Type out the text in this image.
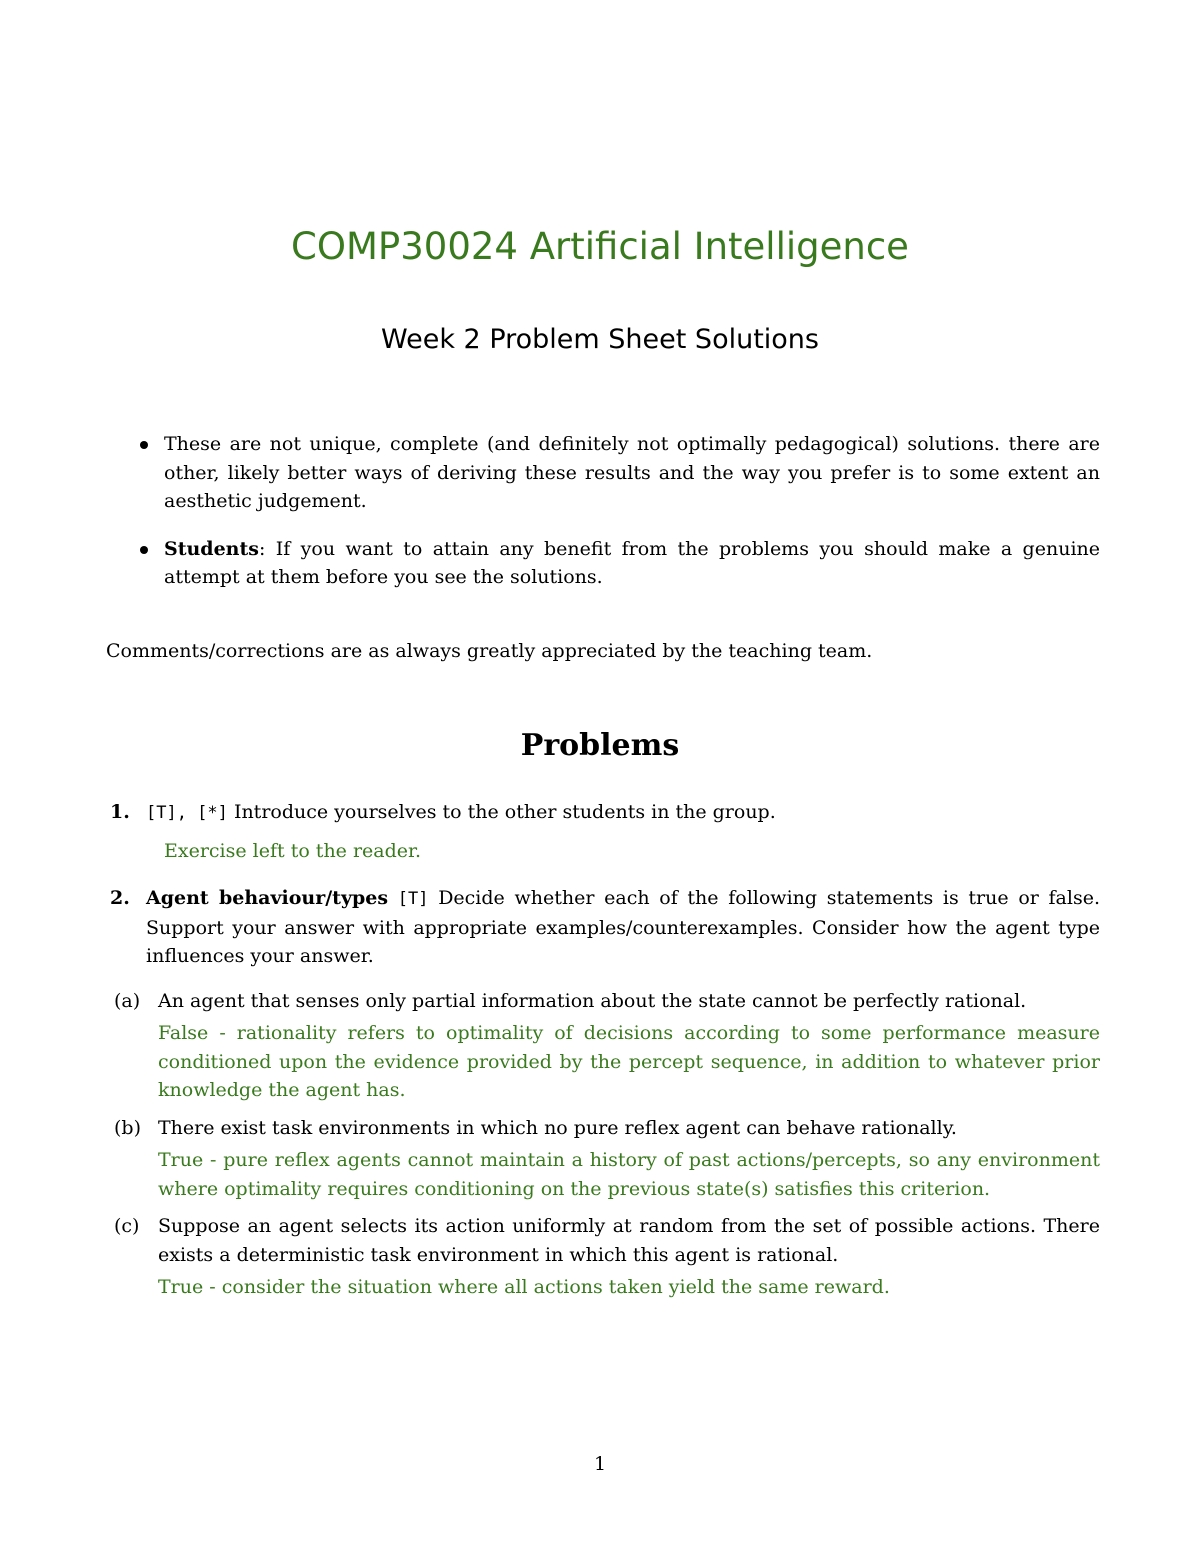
COMP30024 Artificial Intelligence
Week 2 Problem Sheet Solutions
These are not unique, complete (and definitely not optimally pedagogical) solutions. there are other, likely better ways of deriving these results and the way you prefer is to some extent an aesthetic judgement.
Students: If you want to attain any benefit from the problems you should make a genuine attempt at them before you see the solutions.
Comments/corrections are as always greatly appreciated by the teaching team.
Problems
1. [T], [*] Introduce yourselves to the other students in the group.
Exercise left to the reader.
2. Agent behaviour/types [T] Decide whether each of the following statements is true or false. Support your answer with appropriate examples/counterexamples. Consider how the agent type influences your answer.
(a) An agent that senses only partial information about the state cannot be perfectly rational.
False - rationality refers to optimality of decisions according to some performance measure conditioned upon the evidence provided by the percept sequence, in addition to whatever prior knowledge the agent has.
(b) There exist task environments in which no pure reflex agent can behave rationally.
True - pure reflex agents cannot maintain a history of past actions/percepts, so any environment where optimality requires conditioning on the previous state(s) satisfies this criterion.
(c) Suppose an agent selects its action uniformly at random from the set of possible actions. There exists a deterministic task environment in which this agent is rational.
True - consider the situation where all actions taken yield the same reward.
1
